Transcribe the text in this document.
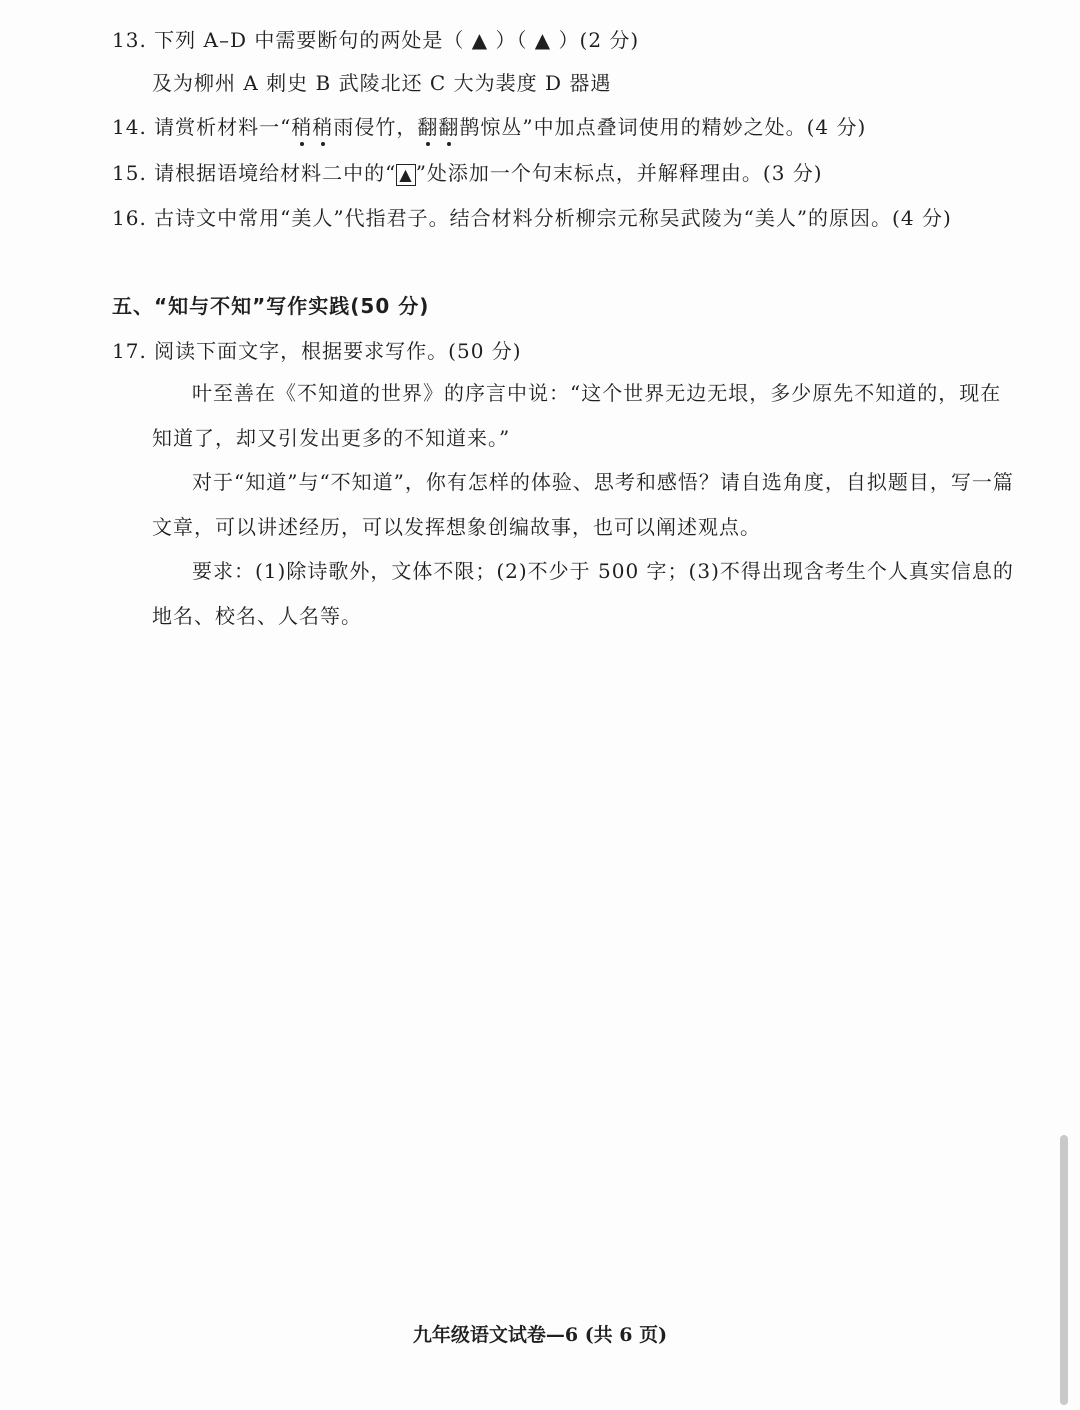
13. 下列 A–D 中需要断句的两处是（ ▲ ）（ ▲ ）(2 分)
及为柳州 A 刺史 B 武陵北还 C 大为裴度 D 器遇
14. 请赏析材料一“稍稍雨侵竹，翻翻鹊惊丛”中加点叠词使用的精妙之处。(4 分)
15. 请根据语境给材料二中的“ ▲ ”处添加一个句末标点，并解释理由。(3 分)
16. 古诗文中常用“美人”代指君子。结合材料分析柳宗元称吴武陵为“美人”的原因。(4 分)
五、“知与不知”写作实践(50 分)
17. 阅读下面文字，根据要求写作。(50 分)
叶至善在《不知道的世界》的序言中说：“这个世界无边无垠，多少原先不知道的，现在
知道了，却又引发出更多的不知道来。”
对于“知道”与“不知道”，你有怎样的体验、思考和感悟？请自选角度，自拟题目，写一篇
文章，可以讲述经历，可以发挥想象创编故事，也可以阐述观点。
要求：(1)除诗歌外，文体不限；(2)不少于 500 字；(3)不得出现含考生个人真实信息的
地名、校名、人名等。
九年级语文试卷—6 (共 6 页)
